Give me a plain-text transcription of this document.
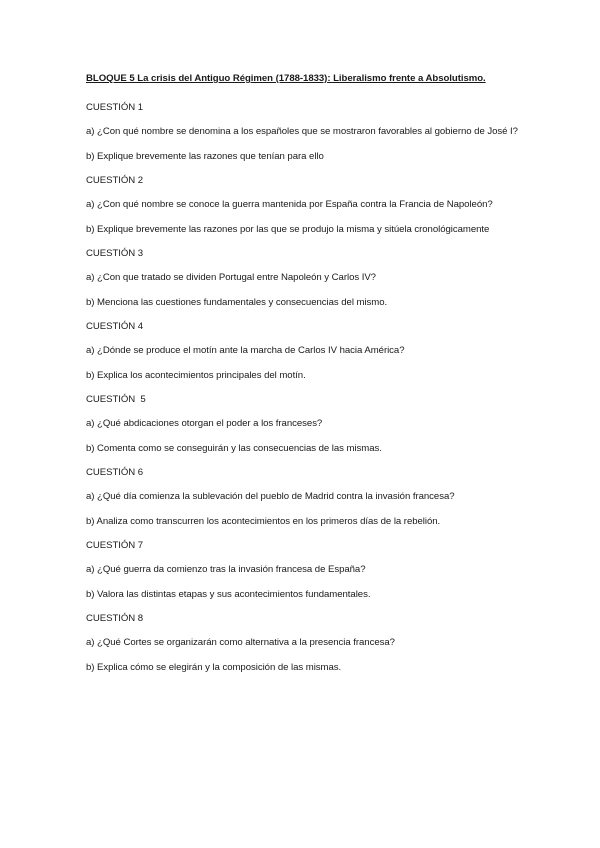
BLOQUE 5 La crisis del Antiguo Régimen (1788-1833): Liberalismo frente a Absolutismo.

CUESTIÓN 1

a) ¿Con qué nombre se denomina a los españoles que se mostraron favorables al gobierno de José I?

b) Explique brevemente las razones que tenían para ello

CUESTIÓN 2

a) ¿Con qué nombre se conoce la guerra mantenida por España contra la Francia de Napoleón?

b) Explique brevemente las razones por las que se produjo la misma y sitúela cronológicamente

CUESTIÓN 3

a) ¿Con que tratado se dividen Portugal entre Napoleón y Carlos IV?

b) Menciona las cuestiones fundamentales y consecuencias del mismo.

CUESTIÓN 4

a) ¿Dónde se produce el motín ante la marcha de Carlos IV hacia América?

b) Explica los acontecimientos principales del motín.

CUESTIÓN  5

a) ¿Qué abdicaciones otorgan el poder a los franceses?

b) Comenta como se conseguirán y las consecuencias de las mismas.

CUESTIÓN 6

a) ¿Qué día comienza la sublevación del pueblo de Madrid contra la invasión francesa?

b) Analiza como transcurren los acontecimientos en los primeros días de la rebelión.

CUESTIÓN 7

a) ¿Qué guerra da comienzo tras la invasión francesa de España?

b) Valora las distintas etapas y sus acontecimientos fundamentales.

CUESTIÓN 8

a) ¿Qué Cortes se organizarán como alternativa a la presencia francesa?

b) Explica cómo se elegirán y la composición de las mismas.
